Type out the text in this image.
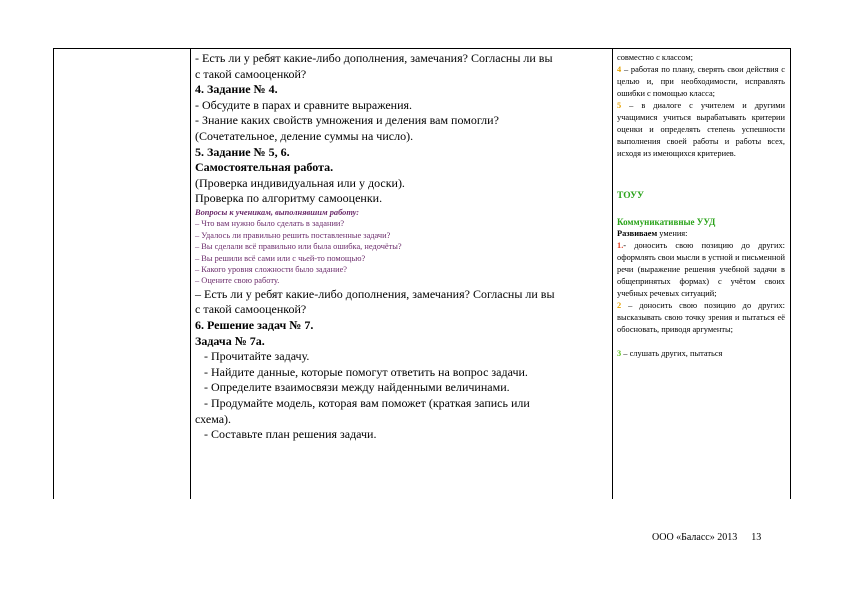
- Есть ли у ребят какие-либо дополнения, замечания? Согласны ли вы
с такой самооценкой?
4. Задание № 4.
- Обсудите в парах и сравните выражения.
- Знание каких свойств умножения и деления вам помогли?
(Сочетательное, деление суммы на число).
5. Задание № 5, 6.
Самостоятельная работа.
(Проверка индивидуальная или у доски).
Проверка по алгоритму самооценки.
Вопросы к ученикам, выполнявшим работу:
– Что вам нужно было сделать в задании?
– Удалось ли правильно решить поставленные задачи?
– Вы сделали всё правильно или была ошибка, недочёты?
– Вы решили всё сами или с чьей-то помощью?
– Какого уровня сложности было задание?
– Оцените свою работу.
– Есть ли у ребят какие-либо дополнения, замечания? Согласны ли вы
с такой самооценкой?
6. Решение задач № 7.
Задача № 7а.
- Прочитайте задачу.
- Найдите данные, которые помогут ответить на вопрос задачи.
- Определите взаимосвязи между найденными величинами.
- Продумайте модель, которая вам поможет (краткая запись или
схема).
- Составьте план решения задачи.

совместно с классом;

4 – работая по плану, сверять свои действия с целью и, при необходимости, исправлять ошибки с помощью класса;

5 – в диалоге с учителем и другими учащимися учиться вырабатывать критерии оценки и определять степень успешности выполнения своей работы и работы всех, исходя из имеющихся критериев.

ТОУУ

Коммуникативные УУД

Развиваем умения:

1.- доносить свою позицию до других: оформлять свои мысли в устной и письменной речи (выражение решения учебной задачи в общепринятых формах) с учётом своих учебных речевых ситуаций;

2 – доносить свою позицию до других: высказывать свою точку зрения и пытаться её обосновать, приводя аргументы;

3 – слушать других, пытаться

ООО «Баласс» 2013 13
